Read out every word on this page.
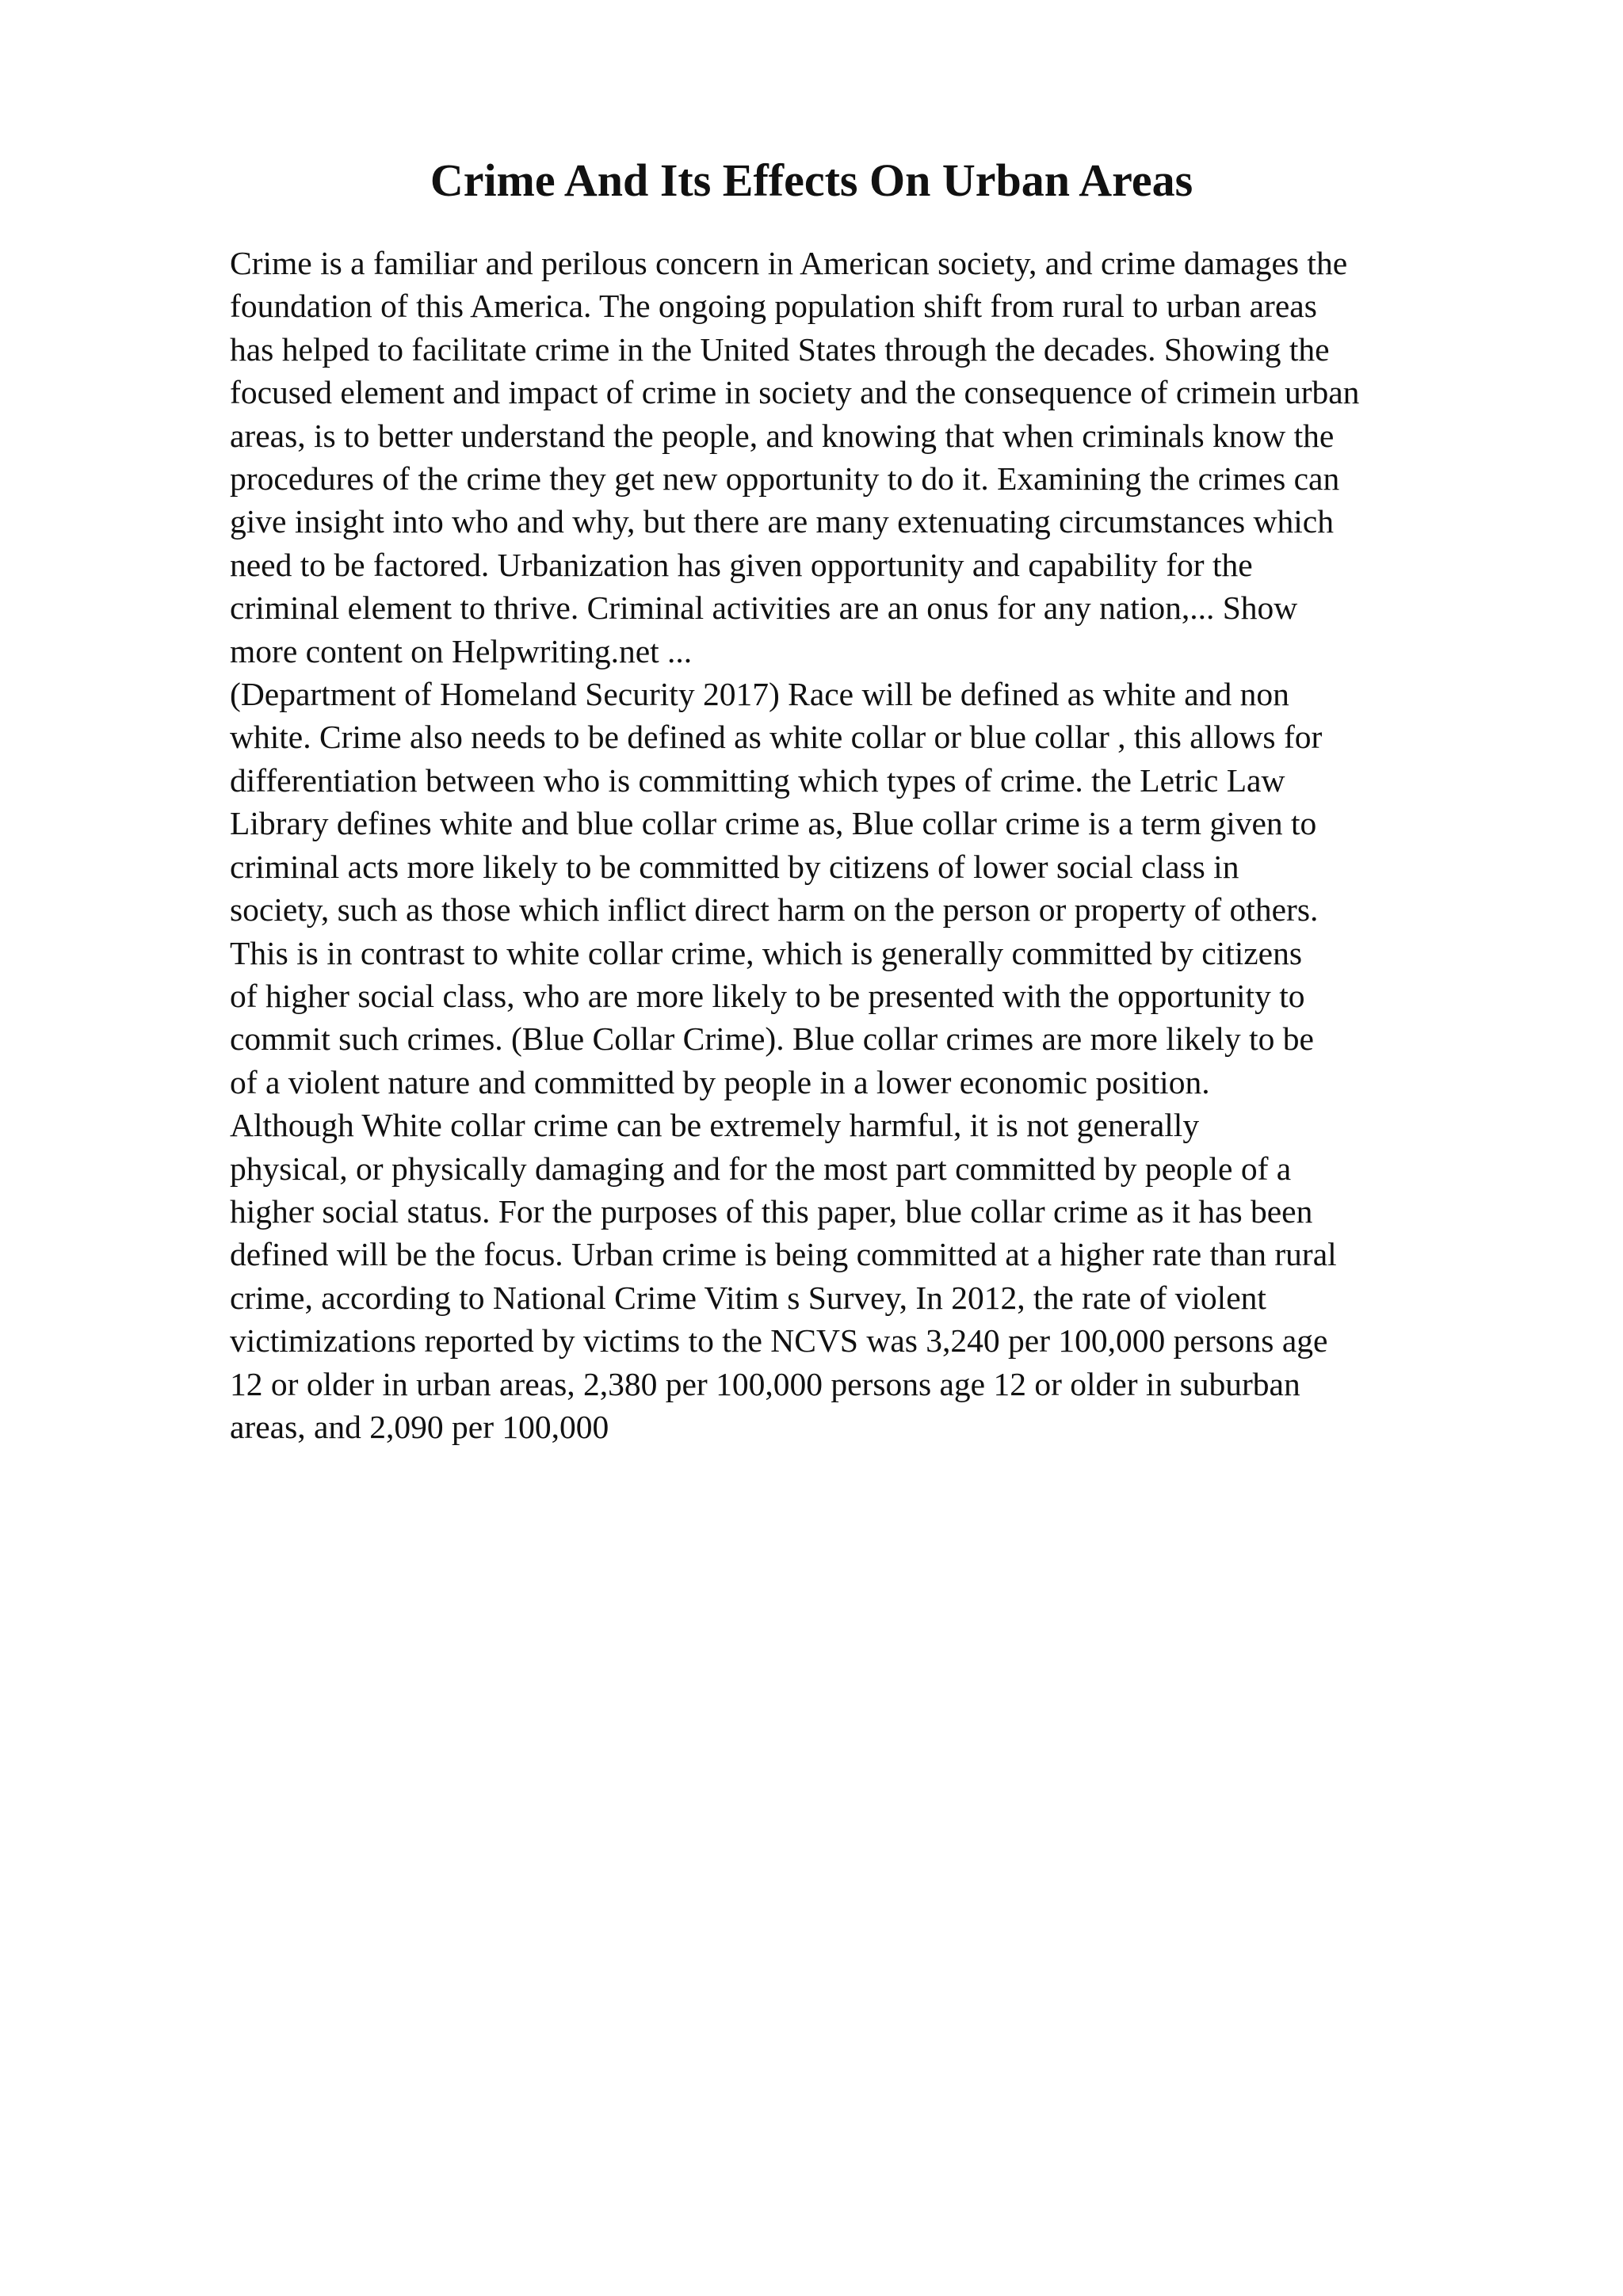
Crime And Its Effects On Urban Areas
Crime is a familiar and perilous concern in American society, and crime damages the
foundation of this America. The ongoing population shift from rural to urban areas
has helped to facilitate crime in the United States through the decades. Showing the
focused element and impact of crime in society and the consequence of crimein urban
areas, is to better understand the people, and knowing that when criminals know the
procedures of the crime they get new opportunity to do it. Examining the crimes can
give insight into who and why, but there are many extenuating circumstances which
need to be factored. Urbanization has given opportunity and capability for the
criminal element to thrive. Criminal activities are an onus for any nation,... Show
more content on Helpwriting.net ...
(Department of Homeland Security 2017) Race will be defined as white and non
white. Crime also needs to be defined as white collar or blue collar , this allows for
differentiation between who is committing which types of crime. the Letric Law
Library defines white and blue collar crime as, Blue collar crime is a term given to
criminal acts more likely to be committed by citizens of lower social class in
society, such as those which inflict direct harm on the person or property of others.
This is in contrast to white collar crime, which is generally committed by citizens
of higher social class, who are more likely to be presented with the opportunity to
commit such crimes. (Blue Collar Crime). Blue collar crimes are more likely to be
of a violent nature and committed by people in a lower economic position.
Although White collar crime can be extremely harmful, it is not generally
physical, or physically damaging and for the most part committed by people of a
higher social status. For the purposes of this paper, blue collar crime as it has been
defined will be the focus. Urban crime is being committed at a higher rate than rural
crime, according to National Crime Vitim s Survey, In 2012, the rate of violent
victimizations reported by victims to the NCVS was 3,240 per 100,000 persons age
12 or older in urban areas, 2,380 per 100,000 persons age 12 or older in suburban
areas, and 2,090 per 100,000
